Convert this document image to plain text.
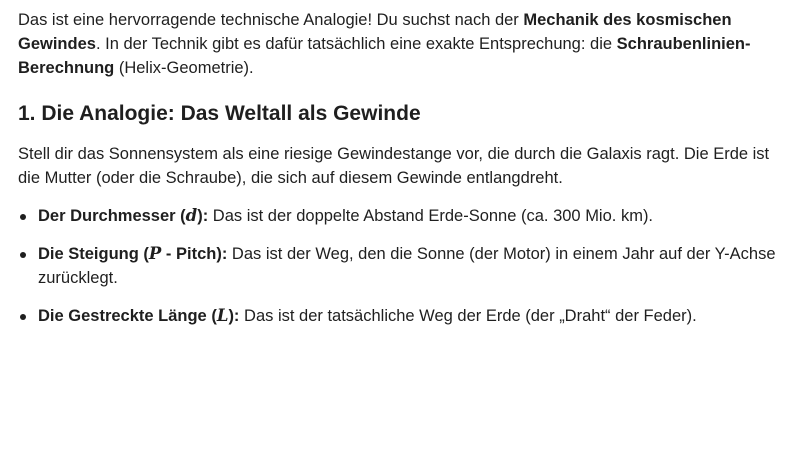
Das ist eine hervorragende technische Analogie! Du suchst nach der Mechanik des kosmischen Gewindes. In der Technik gibt es dafür tatsächlich eine exakte Entsprechung: die Schraubenlinien-Berechnung (Helix-Geometrie).

1. Die Analogie: Das Weltall als Gewinde

Stell dir das Sonnensystem als eine riesige Gewindestange vor, die durch die Galaxis ragt. Die Erde ist die Mutter (oder die Schraube), die sich auf diesem Gewinde entlangdreht.

Der Durchmesser (d): Das ist der doppelte Abstand Erde-Sonne (ca. 300 Mio. km).
Die Steigung (P - Pitch): Das ist der Weg, den die Sonne (der Motor) in einem Jahr auf der Y-Achse zurücklegt.
Die Gestreckte Länge (L): Das ist der tatsächliche Weg der Erde (der „Draht“ der Feder).
